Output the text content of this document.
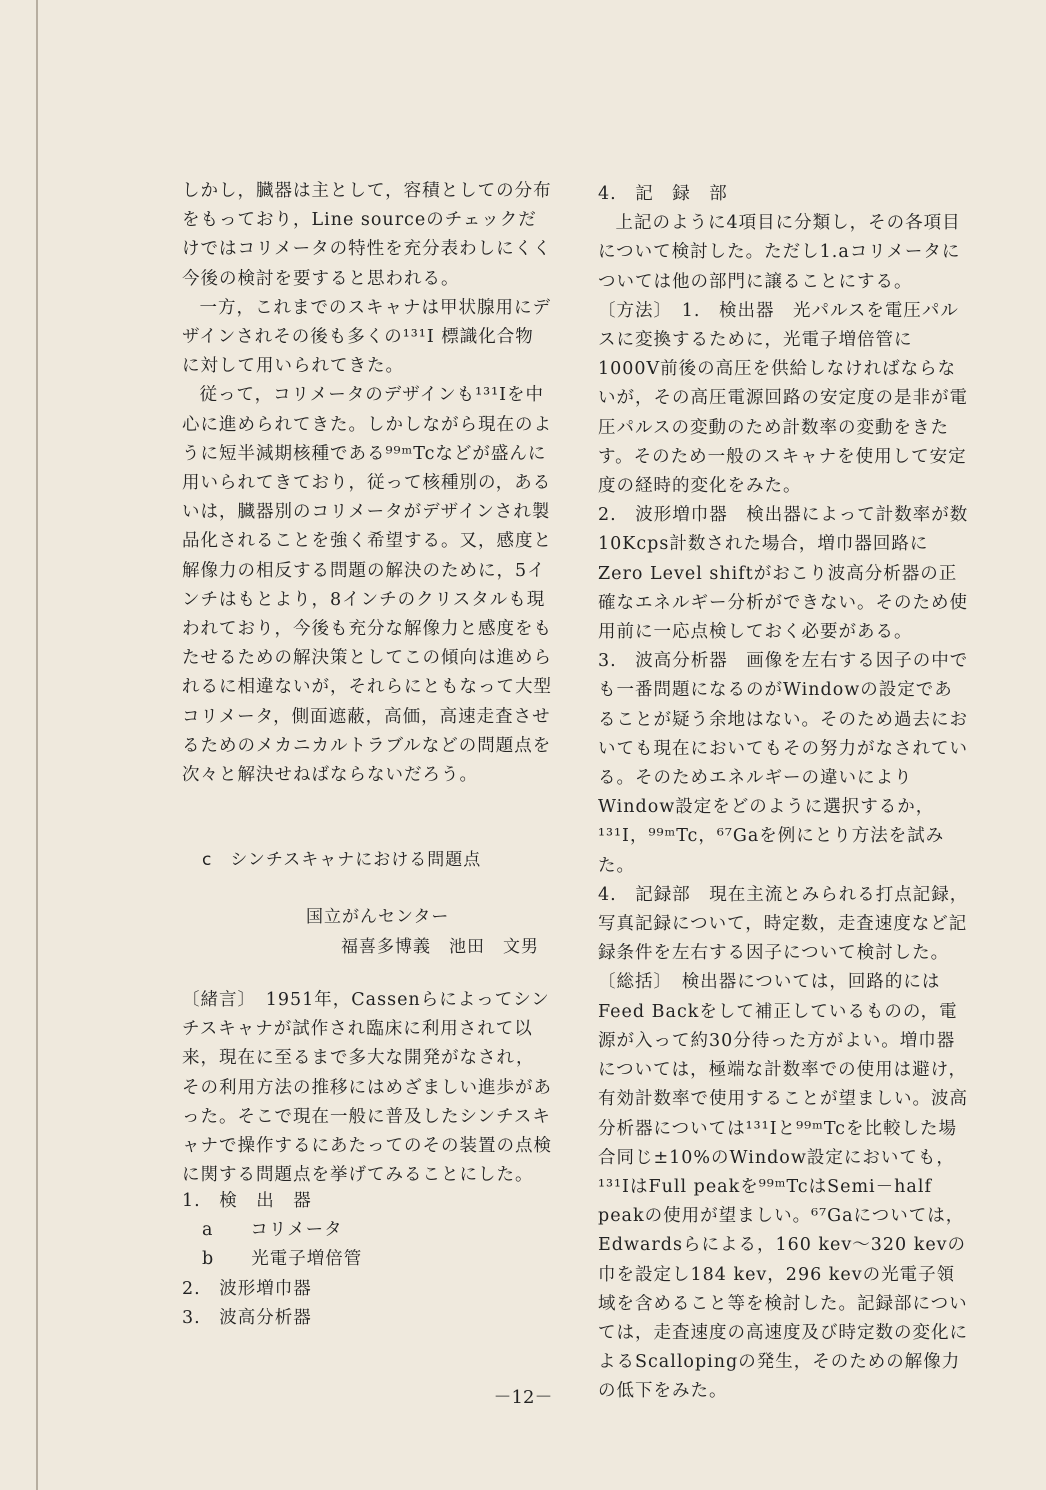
しかし，臓器は主として，容積としての分布をもっており，Line sourceのチェックだけではコリメータの特性を充分表わしにくく今後の検討を要すると思われる。

一方，これまでのスキャナは甲状腺用にデザインされその後も多くの¹³¹I 標識化合物に対して用いられてきた。

従って，コリメータのデザインも¹³¹Iを中心に進められてきた。しかしながら現在のように短半減期核種である⁹⁹ᵐTcなどが盛んに用いられてきており，従って核種別の，あるいは，臓器別のコリメータがデザインされ製品化されることを強く希望する。又，感度と解像力の相反する問題の解決のために，5インチはもとより，8インチのクリスタルも現われており，今後も充分な解像力と感度をもたせるための解決策としてこの傾向は進められるに相違ないが，それらにともなって大型コリメータ，側面遮蔽，高価，高速走査させるためのメカニカルトラブルなどの問題点を次々と解決せねばならないだろう。

c　シンチスキャナにおける問題点
国立がんセンター
福喜多博義　池田　文男
〔緒言〕　1951年，Cassenらによってシンチスキャナが試作され臨床に利用されて以来，現在に至るまで多大な開発がなされ，その利用方法の推移にはめざましい進歩があった。そこで現在一般に普及したシンチスキャナで操作するにあたってのその装置の点検に関する問題点を挙げてみることにした。
1.　検　出　器
a　　コリメータ
b　　光電子増倍管
2.　波形増巾器
3.　波高分析器

4.　記　録　部

上記のように4項目に分類し，その各項目について検討した。ただし1.aコリメータについては他の部門に譲ることにする。

〔方法〕　1.　検出器　光パルスを電圧パルスに変換するために，光電子増倍管に1000V前後の高圧を供給しなければならないが，その高圧電源回路の安定度の是非が電圧パルスの変動のため計数率の変動をきたす。そのため一般のスキャナを使用して安定度の経時的変化をみた。

2.　波形増巾器　検出器によって計数率が数10Kcps計数された場合，増巾器回路にZero Level shiftがおこり波高分析器の正確なエネルギー分析ができない。そのため使用前に一応点検しておく必要がある。

3.　波高分析器　画像を左右する因子の中でも一番問題になるのがWindowの設定であることが疑う余地はない。そのため過去においても現在においてもその努力がなされている。そのためエネルギーの違いによりWindow設定をどのように選択するか，¹³¹I，⁹⁹ᵐTc，⁶⁷Gaを例にとり方法を試みた。

4.　記録部　現在主流とみられる打点記録，写真記録について，時定数，走査速度など記録条件を左右する因子について検討した。

〔総括〕　検出器については，回路的にはFeed Backをして補正しているものの，電源が入って約30分待った方がよい。増巾器については，極端な計数率での使用は避け，有効計数率で使用することが望ましい。波高分析器については¹³¹Iと⁹⁹ᵐTcを比較した場合同じ±10%のWindow設定においても，¹³¹IはFull peakを⁹⁹ᵐTcはSemi－half peakの使用が望ましい。⁶⁷Gaについては，Edwardsらによる，160 kev～320 kevの巾を設定し184 kev，296 kevの光電子領域を含めること等を検討した。記録部については，走査速度の高速度及び時定数の変化によるScallopingの発生，そのための解像力の低下をみた。

－12－
